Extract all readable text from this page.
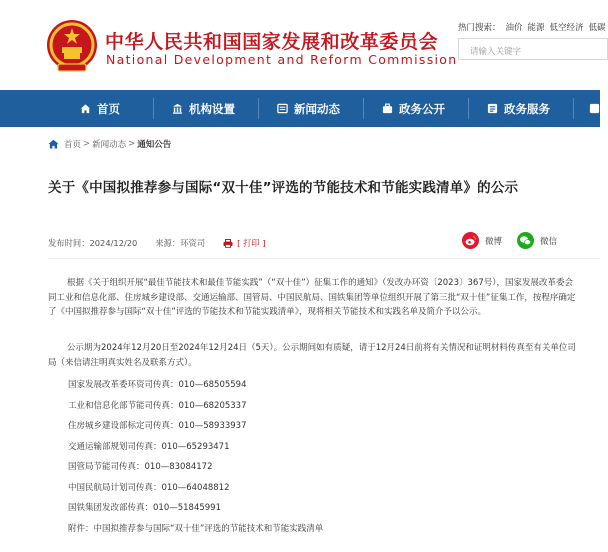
中华人民共和国国家发展和改革委员会
National Development and Reform Commission
热门搜索： 油价 能源 低空经济 低碳
请输入关键字
首页	机构设置	新闻动态	政务公开	政务服务
首页 > 新闻动态 > 通知公告
关于《中国拟推荐参与国际“双十佳”评选的节能技术和节能实践清单》的公示
发布时间： 2024/12/20 来源： 环资司	[ 打印 ]	微博	微信
根据《关于组织开展“最佳节能技术和最佳节能实践”（“双十佳”）征集工作的通知》（发改办环资〔2023〕367号），国家发展改革委会同工业和信息化部、住房城乡建设部、交通运输部、国管局、中国民航局、国铁集团等单位组织开展了第三批“双十佳”征集工作，按程序确定了《中国拟推荐参与国际“双十佳”评选的节能技术和节能实践清单》，现将相关节能技术和实践名单及简介予以公示。
公示期为2024年12月20日至2024年12月24日（5天）。公示期间如有质疑，请于12月24日前将有关情况和证明材料传真至有关单位司局（来信请注明真实姓名及联系方式）。
国家发展改革委环资司传真：010—68505594
工业和信息化部节能司传真：010—68205337
住房城乡建设部标定司传真：010—58933937
交通运输部规划司传真：010—65293471
国管局节能司传真：010—83084172
中国民航局计划司传真：010—64048812
国铁集团发改部传真：010—51845991
附件：中国拟推荐参与国际“双十佳”评选的节能技术和节能实践清单
